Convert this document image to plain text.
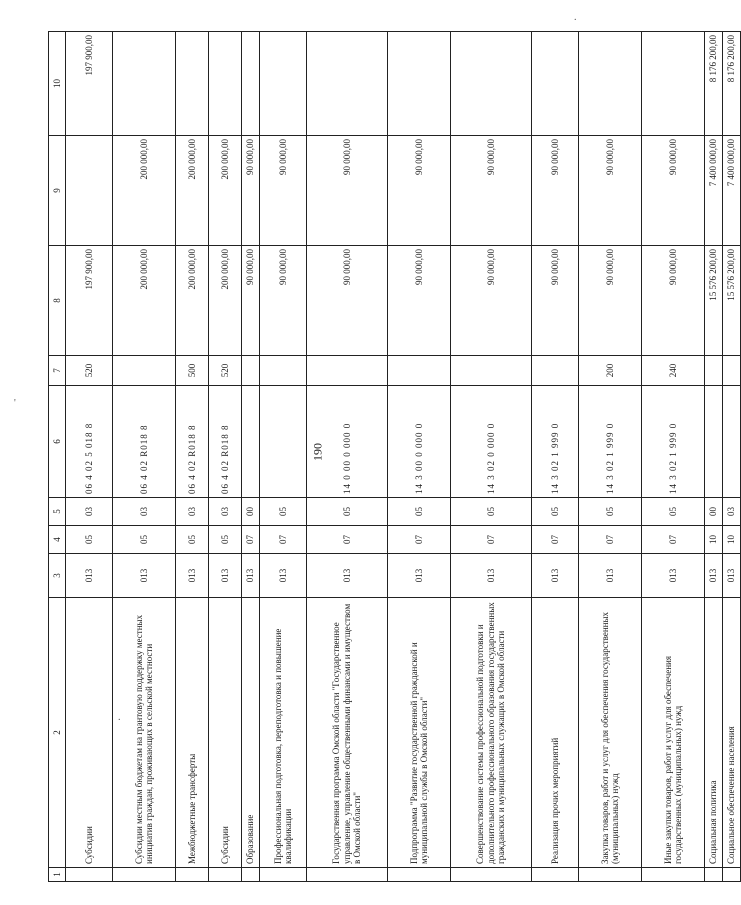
190
.
'
.
1	2	3	4	5	6	7	8	9	10
	Субсидии	013	05	03	06 4 02 5 018 8	520	197 900,00		197 900,00
	Субсидии местным бюджетам на грантовую поддержку местных инициатив граждан, проживающих в сельской местности	013	05	03	06 4 02 R018 8		200 000,00	200 000,00	
	Межбюджетные трансферты	013	05	03	06 4 02 R018 8	500	200 000,00	200 000,00	
	Субсидии	013	05	03	06 4 02 R018 8	520	200 000,00	200 000,00	
	Образование	013	07	00			90 000,00	90 000,00	
	Профессиональная подготовка, переподготовка и повышение квалификации	013	07	05			90 000,00	90 000,00	
	Государственная программа Омской области "Государственное управление, управление общественными финансами и имуществом в Омской области"	013	07	05	14 0 00 0 000 0		90 000,00	90 000,00	
	Подпрограмма "Развитие государственной гражданской и муниципальной службы в Омской области"	013	07	05	14 3 00 0 000 0		90 000,00	90 000,00	
	Совершенствование системы профессиональной подготовки и дополнительного профессионального образования государственных гражданских и муниципальных служащих в Омской области	013	07	05	14 3 02 0 000 0		90 000,00	90 000,00	
	Реализация прочих мероприятий	013	07	05	14 3 02 1 999 0		90 000,00	90 000,00	
	Закупка товаров, работ и услуг для обеспечения государственных (муниципальных) нужд	013	07	05	14 3 02 1 999 0	200	90 000,00	90 000,00	
	Иные закупки товаров, работ и услуг для обеспечения государственных (муниципальных) нужд	013	07	05	14 3 02 1 999 0	240	90 000,00	90 000,00	
	Социальная политика	013	10	00			15 576 200,00	7 400 000,00	8 176 200,00
	Социальное обеспечение населения	013	10	03			15 576 200,00	7 400 000,00	8 176 200,00
